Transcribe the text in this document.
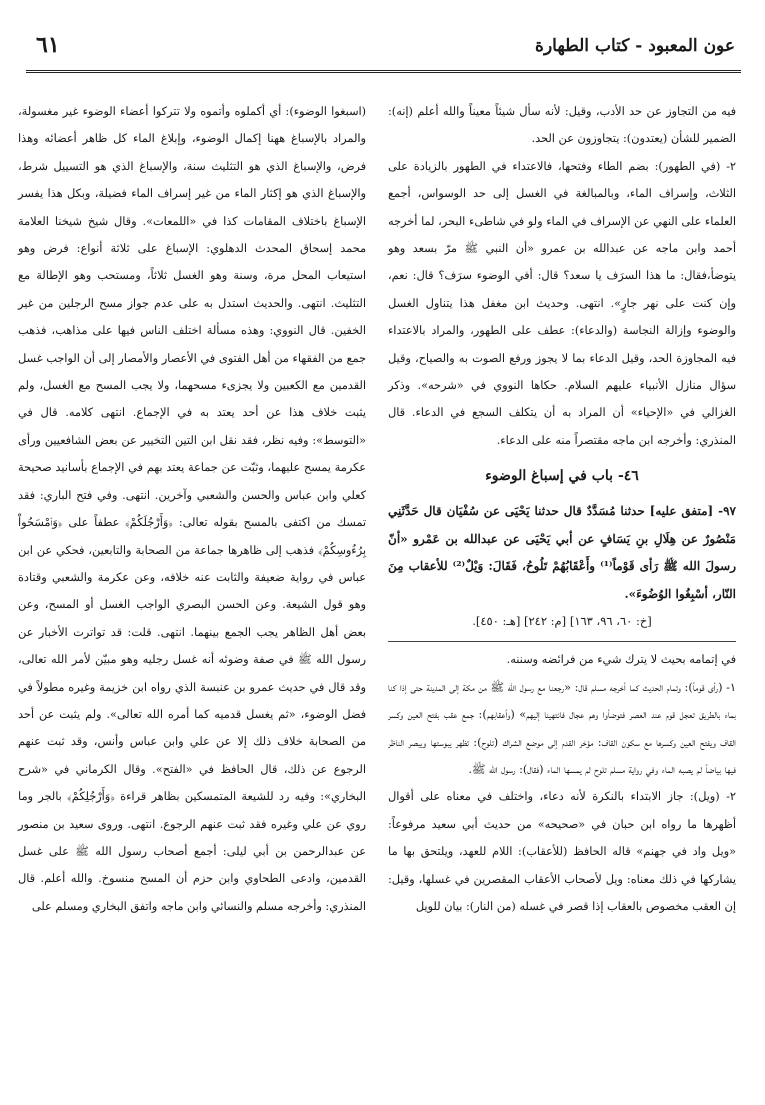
٦١	عون المعبود - كتاب الطهارة

فيه من التجاوز عن حد الأدب، وقيل: لأنه سأل شيئاً معيناً والله أعلم (إنه): الضمير للشأن (يعتدون): يتجاوزون عن الحد.

٢- (في الطهور): بضم الطاء وفتحها، فالاعتداء في الطهور بالزيادة على الثلاث، وإسراف الماء، وبالمبالغة في الغسل إلى حد الوسواس، أجمع العلماء على النهي عن الإسراف في الماء ولو في شاطىء البحر، لما أخرجه أحمد وابن ماجه عن عبدالله بن عمرو «أن النبي ﷺ مرّ بسعد وهو يتوضأ،فقال: ما هذا السرَف يا سعد؟ قال: أفي الوضوء سرَف؟ قال: نعم، وإن كنت على نهر جارٍ». انتهى. وحديث ابن مغفل هذا يتناول الغسل والوضوء وإزالة النجاسة (والدعاء): عطف على الطهور، والمراد بالاعتداء فيه المجاوزة الحد، وقيل الدعاء بما لا يجوز ورفع الصوت به والصياح، وقيل سؤال منازل الأنبياء عليهم السلام. حكاها النووي في «شرحه». وذكر الغزالي في «الإحياء» أن المراد به أن يتكلف السجع في الدعاء. قال المنذري: وأخرجه ابن ماجه مقتصراً منه على الدعاء.

٤٦- باب في إسباغ الوضوء

٩٧- [متفق عليه] حدثنا مُسَدَّدٌ قال حدثنا يَحْيَى عن سُفْيَان قال حَدَّثَنِي مَنْصُورٌ عن هِلَالِ بنِ يَسَافٍ عن أبي يَحْيَى عن عبدالله بن عَمْرو «أنّ رسولَ الله ﷺ رَأى قَوْماً⁽¹⁾ وأَعْقَابُهُمْ تَلُوحُ، فَقَالَ: وَيْلٌ⁽²⁾ للأعقاب مِنَ النّار، أسْبِغُوا الوُضُوءَ».

[خ: ٦٠، ٩٦، ١٦٣] [م: ٢٤٢] [هـ: ٤٥٠].

في إتمامه بحيث لا يترك شيء من فرائضه وسننه.

١- (رأى قوماً): وتمام الحديث كما أخرجه مسلم قال: «رجعنا مع رسول الله ﷺ من مكة إلى المدينة حتى إذا كنا بماء بالطريق تعجل قوم عند العصر فتوضأوا وهم عجال فانتهينا إليهم» (وأعقابهم): جمع عقب بفتح العين وكسر القاف ويفتح العين وكسرها مع سكون القاف: مؤخر القدم إلى موضع الشراك (تلوح): تظهر يبوستها ويبصر الناظر فيها بياضاً لم يصبه الماء وفي رواية مسلم تلوح لم يمسها الماء (فقال): رسول الله ﷺ.

٢- (ويل): جاز الابتداء بالنكرة لأنه دعاء، واختلف في معناه على أقوال أظهرها ما رواه ابن حبان في «صحيحه» من حديث أبي سعيد مرفوعاً: «ويل واد في جهنم» قاله الحافظ (للأعقاب): اللام للعهد، ويلتحق بها ما يشاركها في ذلك معناه: ويل لأصحاب الأعقاب المقصرين في غسلها، وقيل: إن العقب مخصوص بالعقاب إذا قصر في غسله (من النار): بيان للويل

(اسبغوا الوضوء): أي أكملوه وأتموه ولا تتركوا أعضاء الوضوء غير مغسولة، والمراد بالإسباغ ههنا إكمال الوضوء، وإبلاغ الماء كل ظاهر أعضائه وهذا فرض، والإسباغ الذي هو التثليث سنة، والإسباغ الذي هو التسييل شرط، والإسباغ الذي هو إكثار الماء من غير إسراف الماء فضيلة، وبكل هذا يفسر الإسباغ باختلاف المقامات كذا في «اللمعات». وقال شيخ شيخنا العلامة محمد إسحاق المحدث الدهلوي: الإسباغ على ثلاثة أنواع: فرض وهو استيعاب المحل مرة، وسنة وهو الغسل ثلاثاً، ومستحب وهو الإطالة مع التثليث. انتهى. والحديث استدل به على عدم جواز مسح الرجلين من غير الخفين. قال النووي: وهذه مسألة اختلف الناس فيها على مذاهب، فذهب جمع من الفقهاء من أهل الفتوى في الأعصار والأمصار إلى أن الواجب غسل القدمين مع الكعبين ولا يجزىء مسحهما، ولا يجب المسح مع الغسل، ولم يثبت خلاف هذا عن أحد يعتد به في الإجماع. انتهى كلامه. قال في «التوسط»: وفيه نظر، فقد نقل ابن التين التخيير عن بعض الشافعيين ورأى عكرمة يمسح عليهما، وثبّت عن جماعة يعتد بهم في الإجماع بأسانيد صحيحة كعلي وابن عباس والحسن والشعبي وآخرين. انتهى. وفي فتح الباري: فقد تمسك من اكتفى بالمسح بقوله تعالى: ﴿وَأَرْجُلَكُمْ﴾ عطفاً على ﴿وَٱمْسَحُواْ بِرُءُوسِكُمْ﴾ فذهب إلى ظاهرها جماعة من الصحابة والتابعين، فحكي عن ابن عباس في رواية ضعيفة والثابت عنه خلافه، وعن عكرمة والشعبي وقتادة وهو قول الشيعة. وعن الحسن البصري الواجب الغسل أو المسح، وعن بعض أهل الظاهر يجب الجمع بينهما. انتهى. قلت: قد تواترت الأخبار عن رسول الله ﷺ في صفة وضوئه أنه غسل رجليه وهو مبيّن لأمر الله تعالى، وقد قال في حديث عمرو بن عنبسة الذي رواه ابن خزيمة وغيره مطولاً في فضل الوضوء، «ثم يغسل قدميه كما أمره الله تعالى». ولم يثبت عن أحد من الصحابة خلاف ذلك إلا عن علي وابن عباس وأنس، وقد ثبت عنهم الرجوع عن ذلك، قال الحافظ في «الفتح». وقال الكرماني في «شرح البخاري»: وفيه رد للشيعة المتمسكين بظاهر قراءة ﴿وَأَرْجُلِكُمْ﴾ بالجر وما روي عن علي وغيره فقد ثبت عنهم الرجوع. انتهى. وروى سعيد بن منصور عن عبدالرحمن بن أبي ليلى: أجمع أصحاب رسول الله ﷺ على غسل القدمين، وادعى الطحاوي وابن حزم أن المسح منسوخ. والله أعلم. قال المنذري: وأخرجه مسلم والنسائي وابن ماجه واتفق البخاري ومسلم على
